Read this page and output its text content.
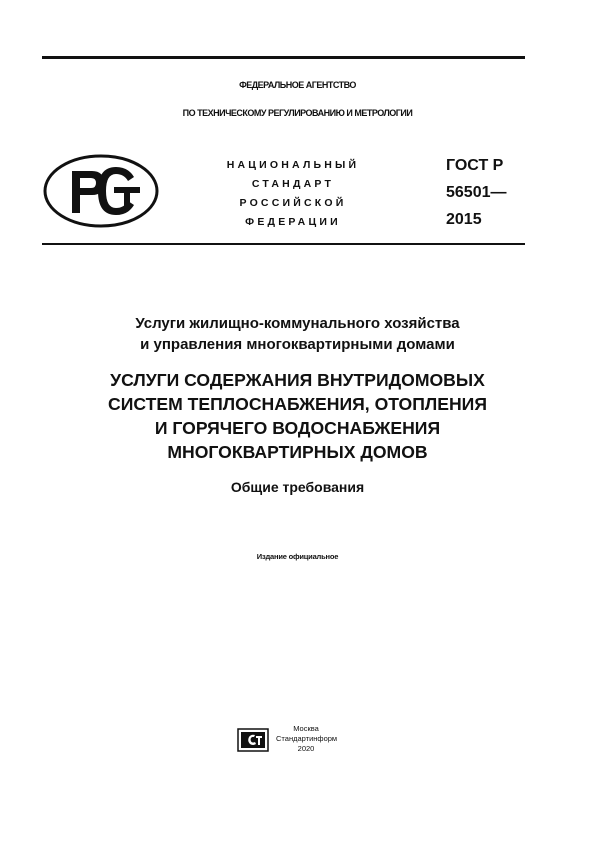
ФЕДЕРАЛЬНОЕ АГЕНТСТВО
ПО ТЕХНИЧЕСКОМУ РЕГУЛИРОВАНИЮ И МЕТРОЛОГИИ
НАЦИОНАЛЬНЫЙ
СТАНДАРТ
РОССИЙСКОЙ
ФЕДЕРАЦИИ
ГОСТ Р
56501—
2015
Услуги жилищно-коммунального хозяйства
и управления многоквартирными домами
УСЛУГИ СОДЕРЖАНИЯ ВНУТРИДОМОВЫХ
СИСТЕМ ТЕПЛОСНАБЖЕНИЯ, ОТОПЛЕНИЯ
И ГОРЯЧЕГО ВОДОСНАБЖЕНИЯ
МНОГОКВАРТИРНЫХ ДОМОВ
Общие требования
Издание официальное
Москва
Стандартинформ
2020
